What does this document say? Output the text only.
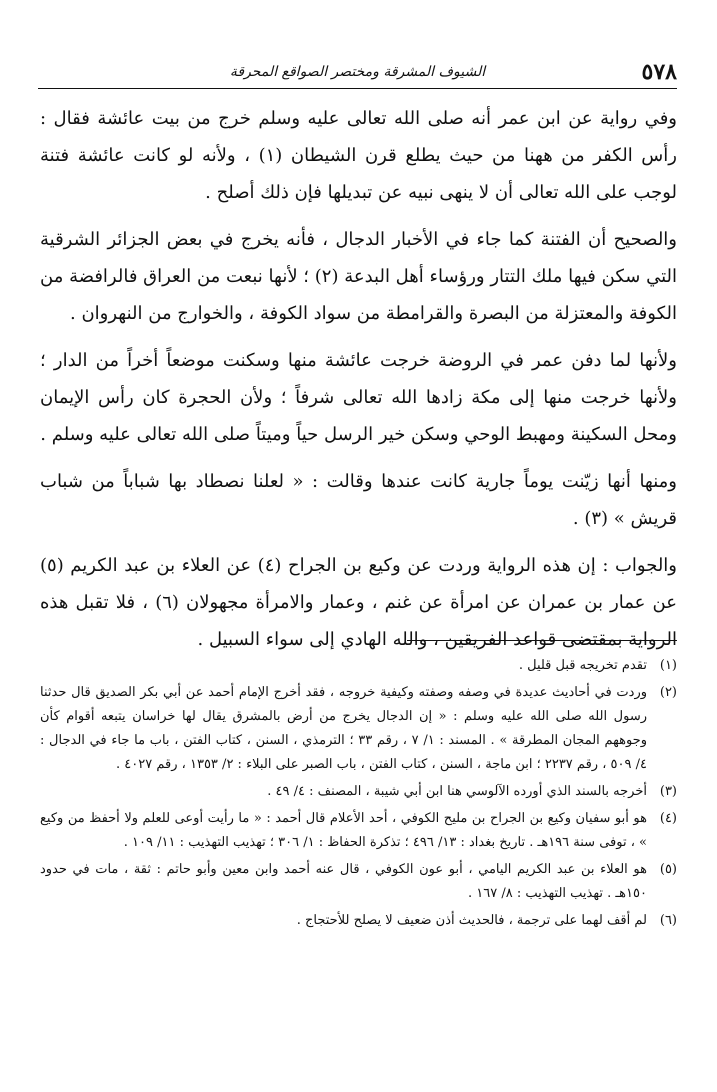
٥٧٨
الشيوف المشرقة ومختصر الصواقع المحرقة

وفي رواية عن ابن عمر أنه صلى الله تعالى عليه وسلم خرج من بيت عائشة فقال : رأس الكفر من ههنا من حيث يطلع قرن الشيطان (١) ، ولأنه لو كانت عائشة فتنة لوجب على الله تعالى أن لا ينهى نبيه عن تبديلها فإن ذلك أصلح .

والصحيح أن الفتنة كما جاء في الأخبار الدجال ، فأنه يخرج في بعض الجزائر الشرقية التي سكن فيها ملك التتار ورؤساء أهل البدعة (٢) ؛ لأنها نبعت من العراق فالرافضة من الكوفة والمعتزلة من البصرة والقرامطة من سواد الكوفة ، والخوارج من النهروان .

ولأنها لما دفن عمر في الروضة خرجت عائشة منها وسكنت موضعاً أخراً من الدار ؛ ولأنها خرجت منها إلى مكة زادها الله تعالى شرفاً ؛ ولأن الحجرة كان رأس الإيمان ومحل السكينة ومهبط الوحي وسكن خير الرسل حياً وميتاً صلى الله تعالى عليه وسلم .

ومنها أنها زيّنت يوماً جارية كانت عندها وقالت : « لعلنا نصطاد بها شباباً من شباب قريش » (٣) .

والجواب : إن هذه الرواية وردت عن وكيع بن الجراح (٤) عن العلاء بن عبد الكريم (٥) عن عمار بن عمران عن امرأة عن غنم ، وعمار والامرأة مجهولان (٦) ، فلا تقبل هذه الرواية بمقتضى قواعد الفريقين ، والله الهادي إلى سواء السبيل .

(١)
تقدم تخريجه قبل قليل .
(٢)
وردت في أحاديث عديدة في وصفه وصفته وكيفية خروجه ، فقد أخرج الإمام أحمد عن أبي بكر الصديق قال حدثنا رسول الله صلى الله عليه وسلم : « إن الدجال يخرج من أرض بالمشرق يقال لها خراسان يتبعه أقوام كأن وجوههم المجان المطرقة » . المسند : ١/ ٧ ، رقم ٣٣ ؛ الترمذي ، السنن ، كتاب الفتن ، باب ما جاء في الدجال : ٤/ ٥٠٩ ، رقم ٢٢٣٧ ؛ ابن ماجة ، السنن ، كتاب الفتن ، باب الصبر على البلاء : ٢/ ١٣٥٣ ، رقم ٤٠٢٧ .
(٣)
أخرجه بالسند الذي أورده الآلوسي هنا ابن أبي شيبة ، المصنف : ٤/ ٤٩ .
(٤)
هو أبو سفيان وكيع بن الجراح بن مليح الكوفي ، أحد الأعلام قال أحمد : « ما رأيت أوعى للعلم ولا أحفظ من وكيع » ، توفى سنة ١٩٦هـ . تاريخ بغداد : ١٣/ ٤٩٦ ؛ تذكرة الحفاظ : ١/ ٣٠٦ ؛ تهذيب التهذيب : ١١/ ١٠٩ .
(٥)
هو العلاء بن عبد الكريم اليامي ، أبو عون الكوفي ، قال عنه أحمد وابن معين وأبو حاتم : ثقة ، مات في حدود ١٥٠هـ . تهذيب التهذيب : ٨/ ١٦٧ .
(٦)
لم أقف لهما على ترجمة ، فالحديث أذن ضعيف لا يصلح للأحتجاج .
